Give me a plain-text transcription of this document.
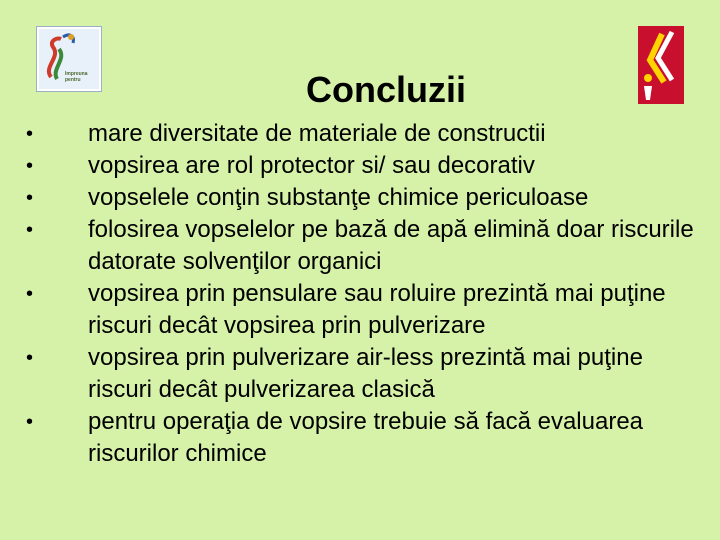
Impreuna
pentru	Concluzii
• mare diversitate de materiale de constructii
• vopsirea are rol protector si/ sau decorativ
• vopselele conţin substanţe chimice periculoase
• folosirea vopselelor pe bază de apă elimină doar riscurile datorate solvenţilor organici
• vopsirea prin pensulare sau roluire prezintă mai puţine riscuri decât vopsirea prin pulverizare
• vopsirea prin pulverizare air-less prezintă mai puţine riscuri decât pulverizarea clasică
• pentru operaţia de vopsire trebuie să facă evaluarea riscurilor chimice
